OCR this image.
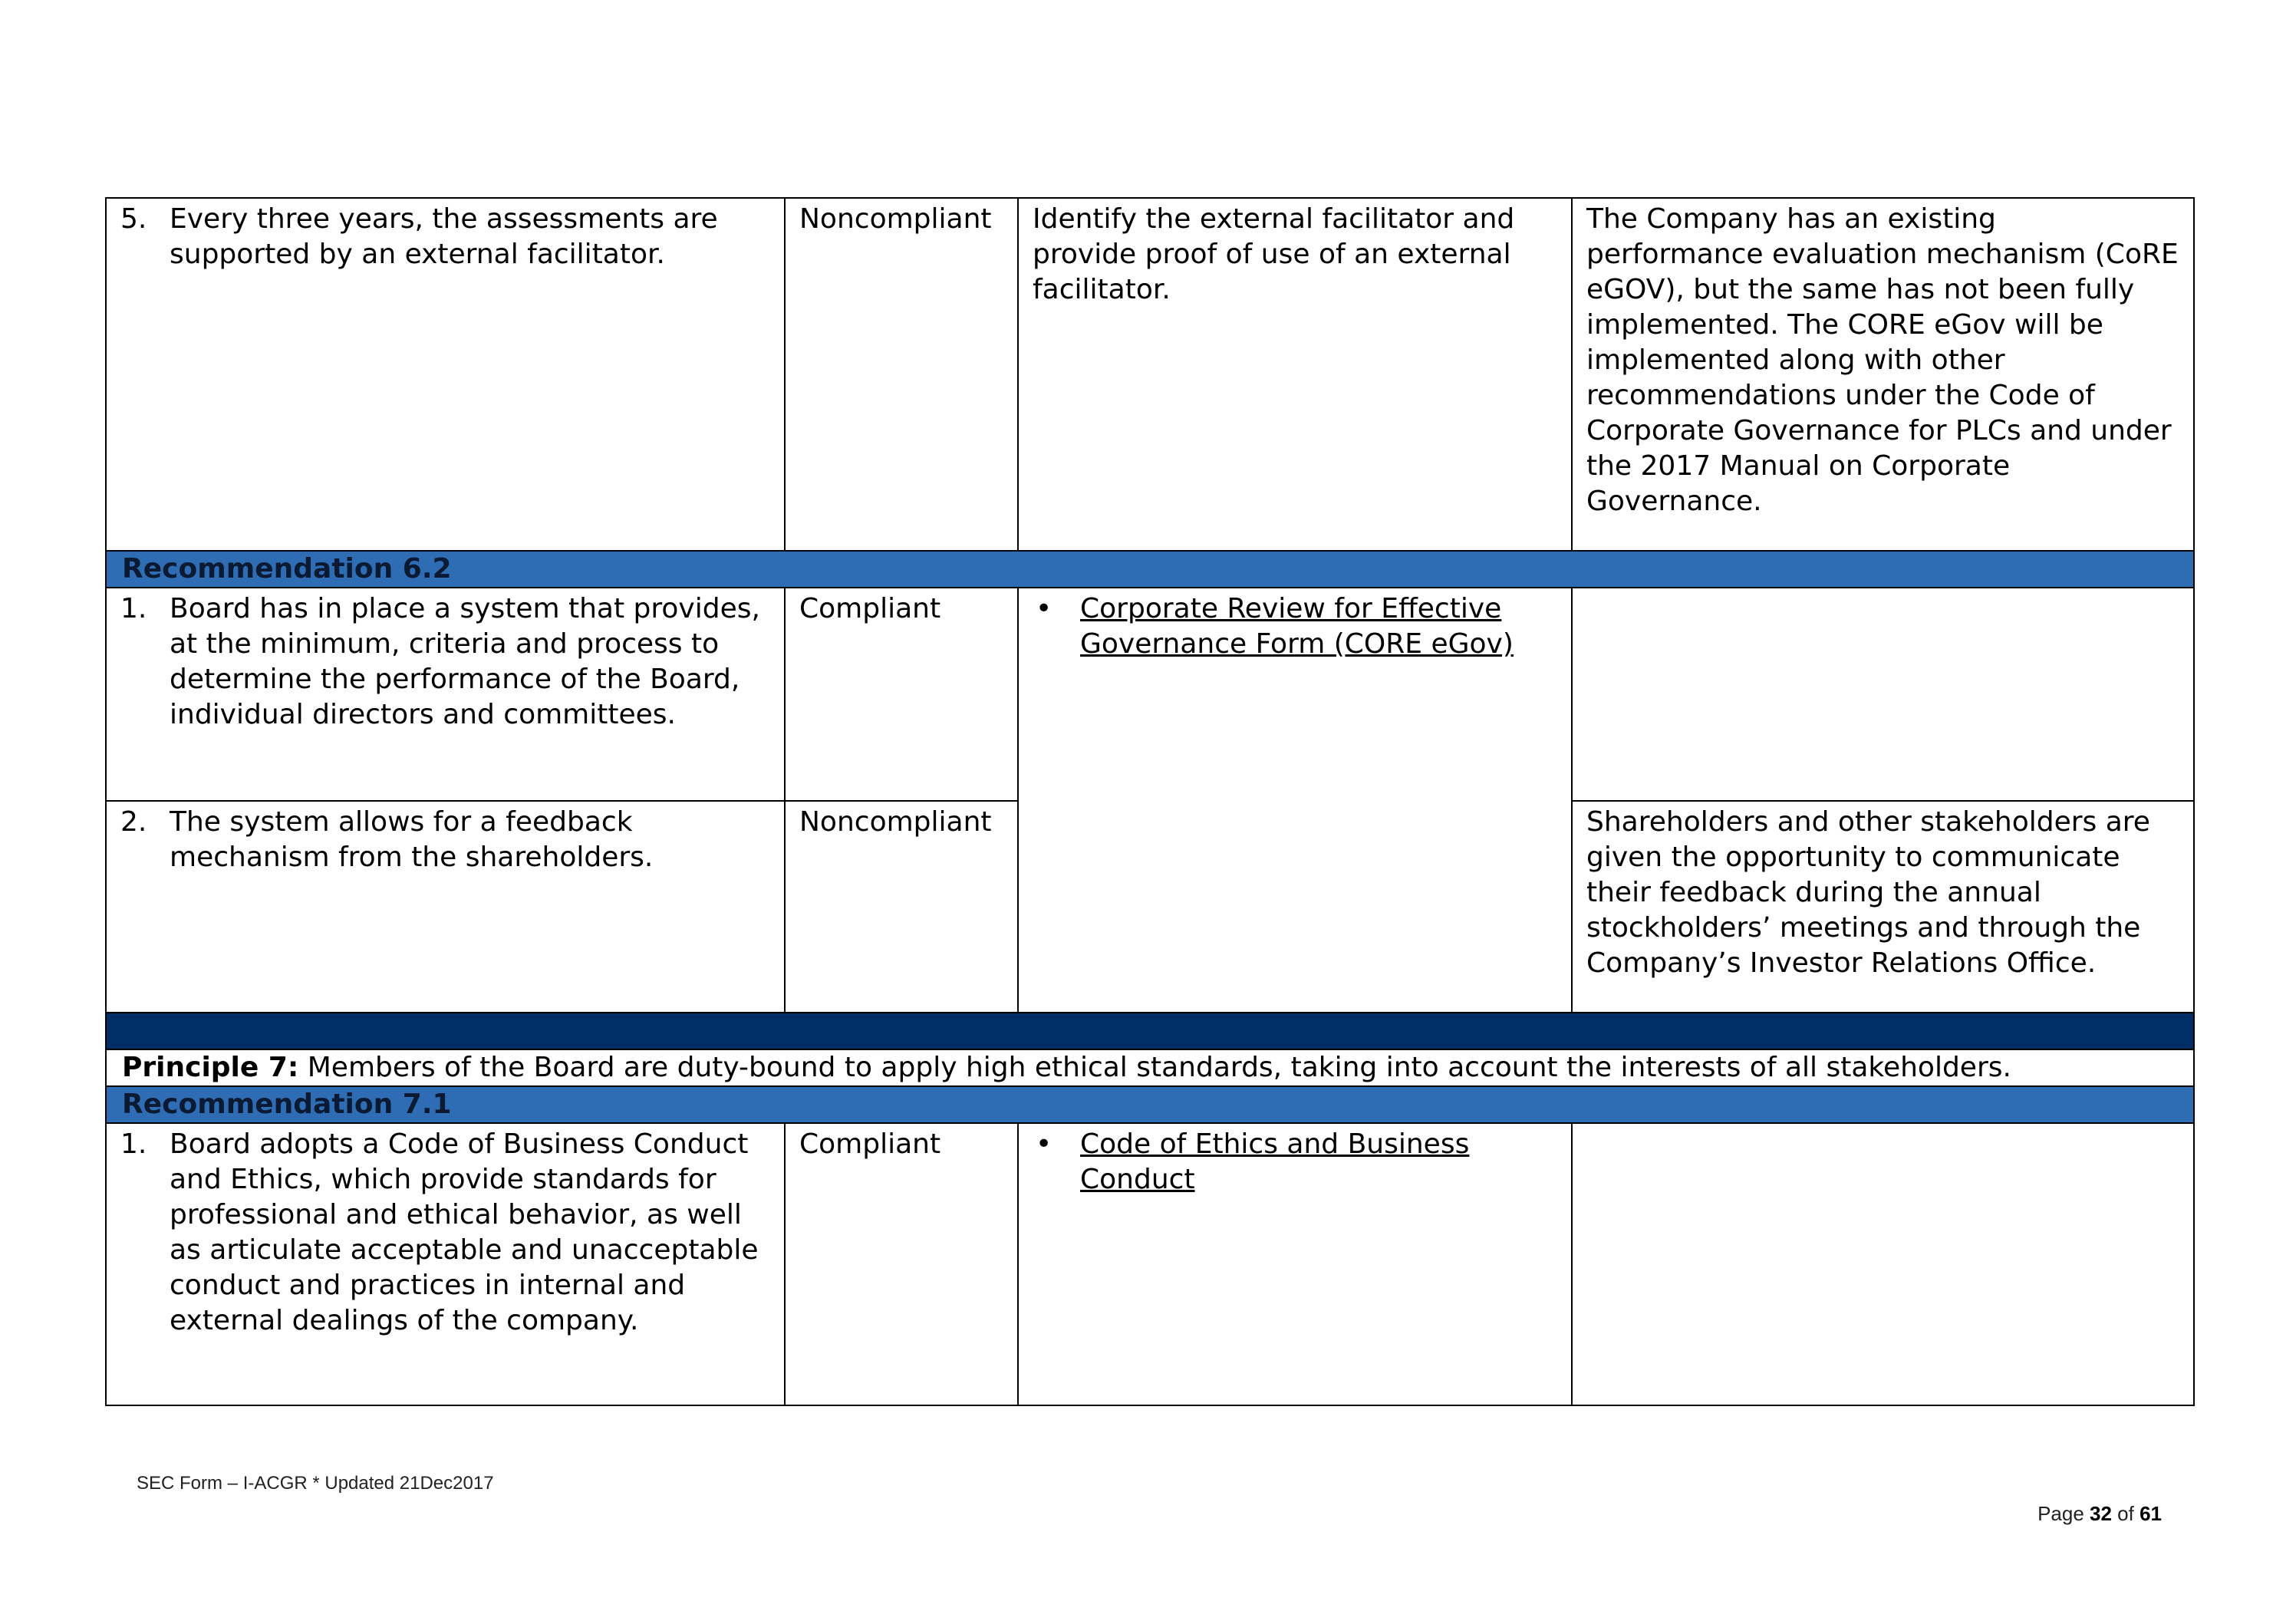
5. Every three years, the assessments are supported by an external facilitator.	Noncompliant	Identify the external facilitator and provide proof of use of an external facilitator.	The Company has an existing performance evaluation mechanism (CoRE eGOV), but the same has not been fully implemented. The CORE eGov will be implemented along with other recommendations under the Code of Corporate Governance for PLCs and under the 2017 Manual on Corporate Governance.

Recommendation 6.2			

1. Board has in place a system that provides, at the minimum, criteria and process to determine the performance of the Board, individual directors and committees.	Compliant	• Corporate Review for Effective Governance Form (CORE eGov)	

2. The system allows for a feedback mechanism from the shareholders.	Noncompliant		Shareholders and other stakeholders are given the opportunity to communicate their feedback during the annual stockholders’ meetings and through the Company’s Investor Relations Office.

Principle 7: Members of the Board are duty-bound to apply high ethical standards, taking into account the interests of all stakeholders.			
Recommendation 7.1			

1. Board adopts a Code of Business Conduct and Ethics, which provide standards for professional and ethical behavior, as well as articulate acceptable and unacceptable conduct and practices in internal and external dealings of the company.	Compliant	• Code of Ethics and Business Conduct	

SEC Form – I-ACGR * Updated 21Dec2017
Page 32 of 61
